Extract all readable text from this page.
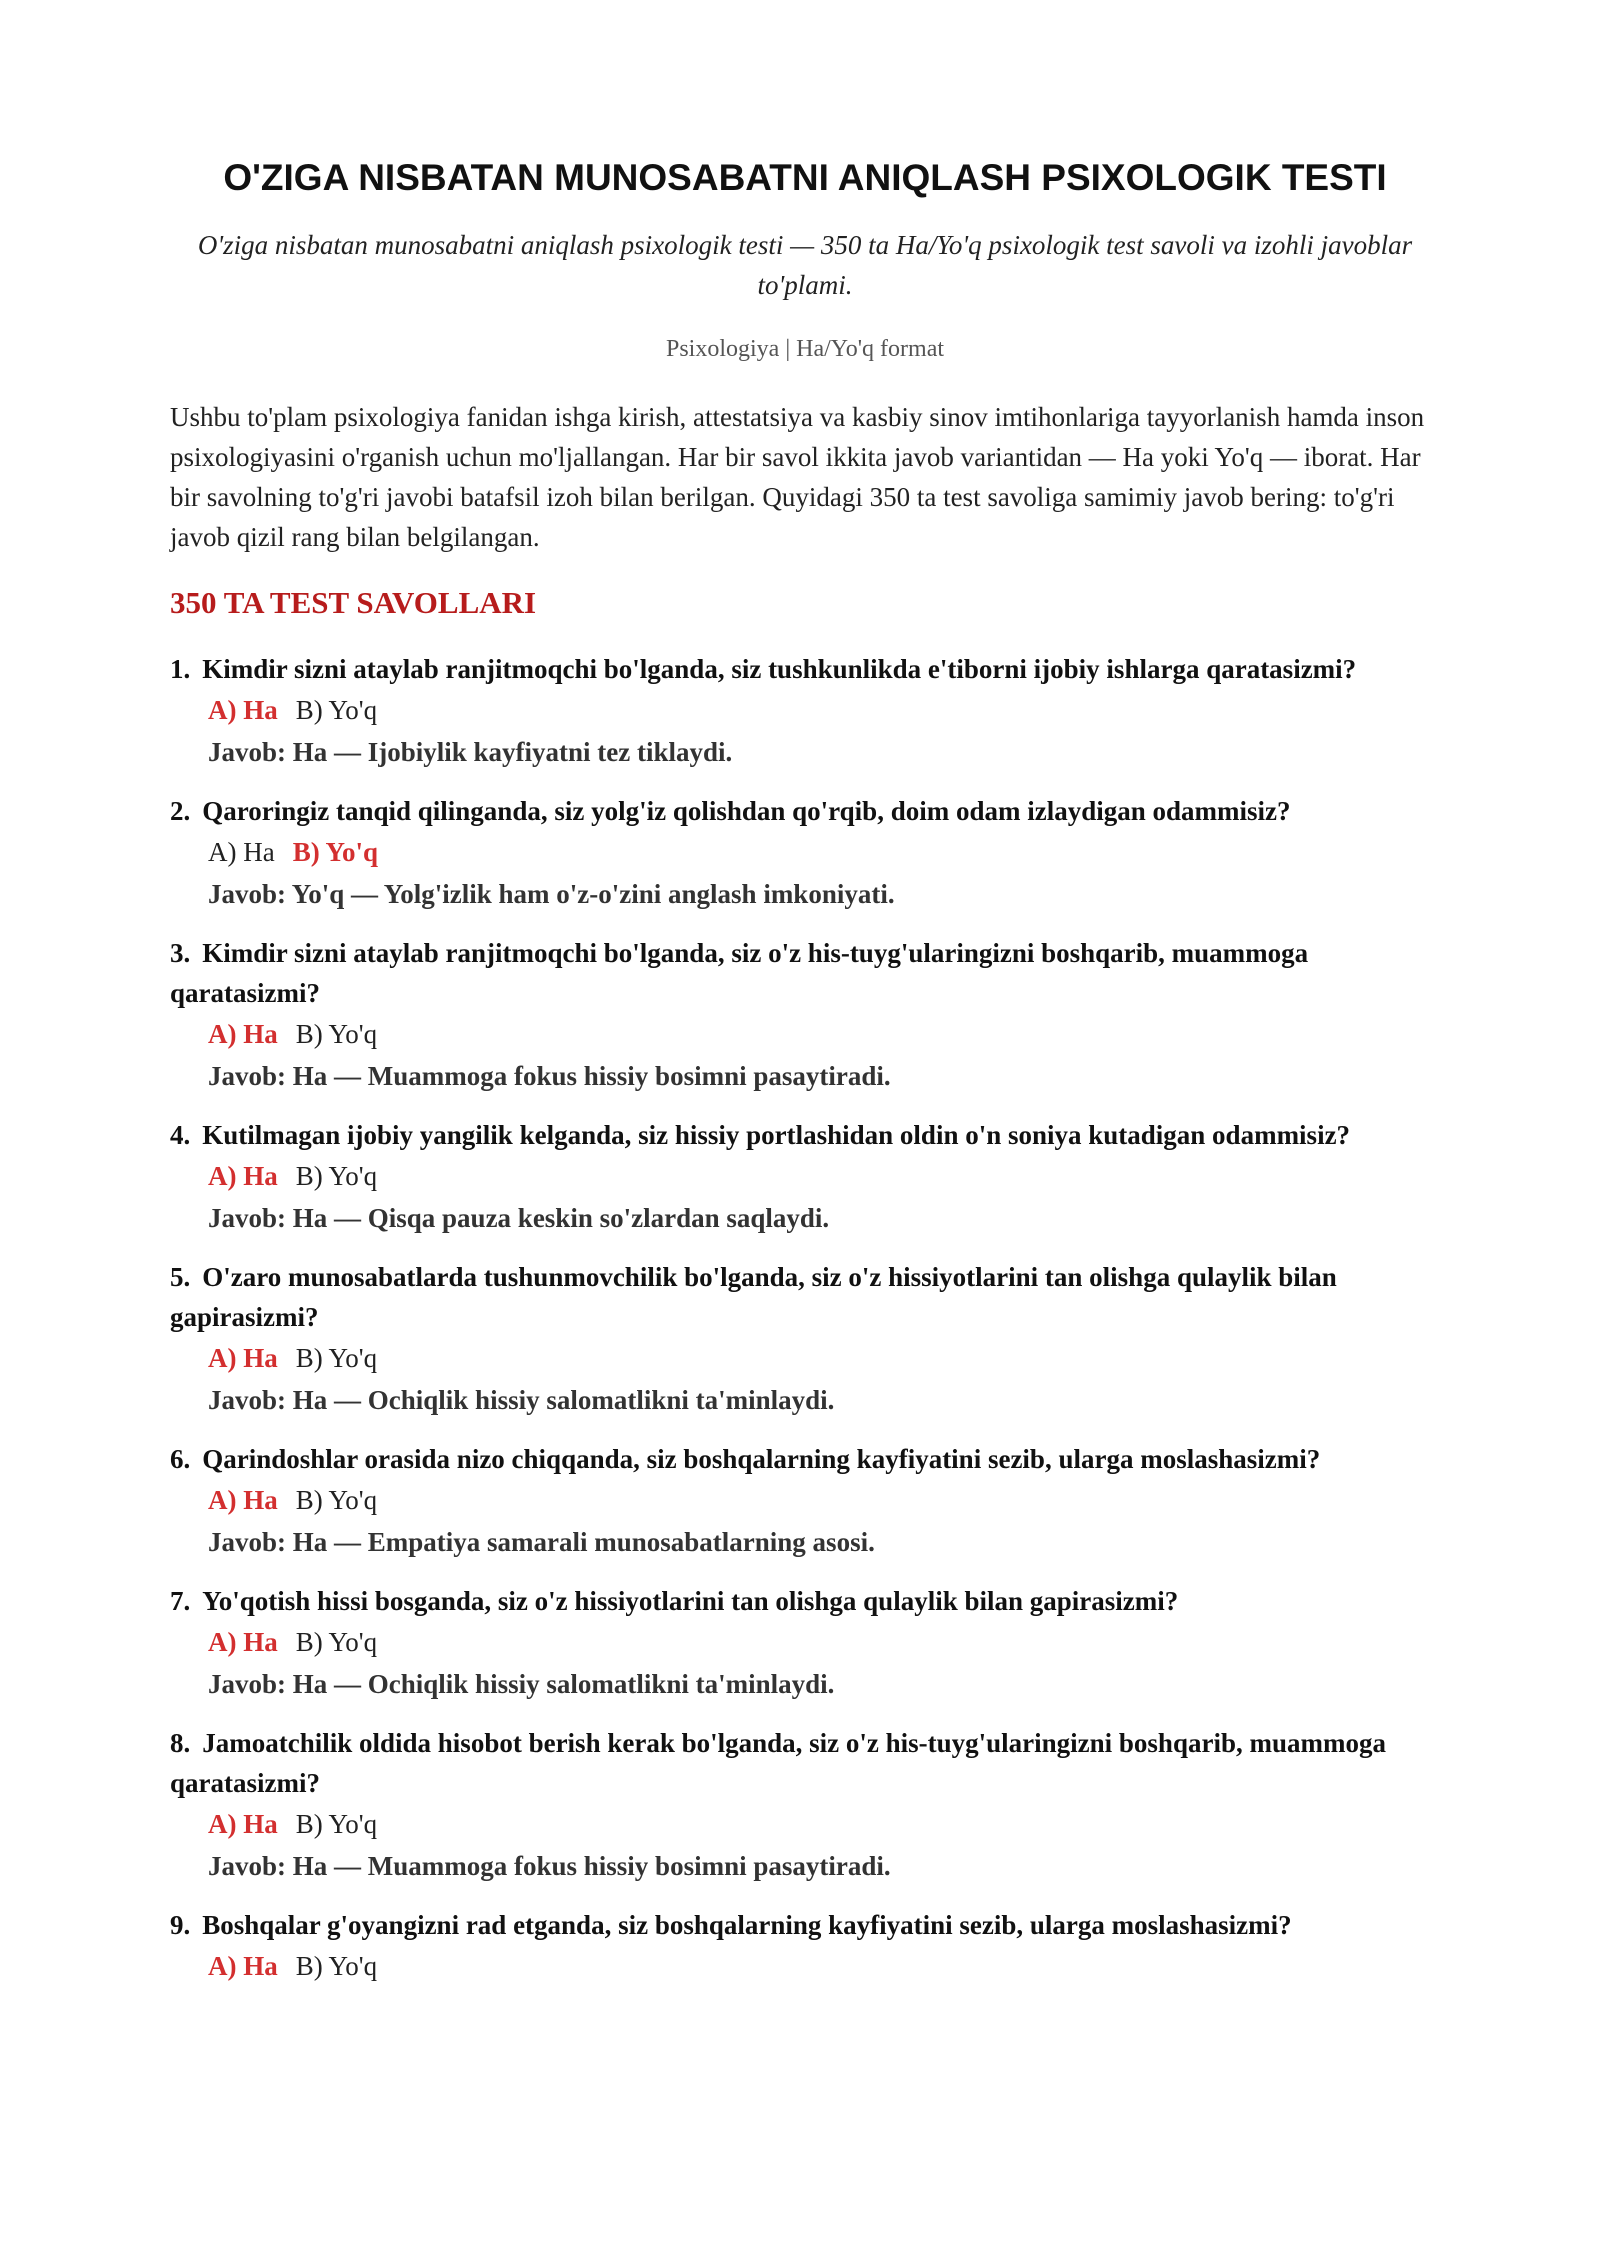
O'ZIGA NISBATAN MUNOSABATNI ANIQLASH PSIXOLOGIK TESTI

O'ziga nisbatan munosabatni aniqlash psixologik testi — 350 ta Ha/Yo'q psixologik test savoli va izohli javoblar to'plami.

Psixologiya | Ha/Yo'q format

Ushbu to'plam psixologiya fanidan ishga kirish, attestatsiya va kasbiy sinov imtihonlariga tayyorlanish hamda inson psixologiyasini o'rganish uchun mo'ljallangan. Har bir savol ikkita javob variantidan — Ha yoki Yo'q — iborat. Har bir savolning to'g'ri javobi batafsil izoh bilan berilgan. Quyidagi 350 ta test savoliga samimiy javob bering: to'g'ri javob qizil rang bilan belgilangan.

350 TA TEST SAVOLLARI
1. Kimdir sizni ataylab ranjitmoqchi bo'lganda, siz tushkunlikda e'tiborni ijobiy ishlarga qaratasizmi?
A) Ha B) Yo'q
Javob: Ha — Ijobiylik kayfiyatni tez tiklaydi.
2. Qaroringiz tanqid qilinganda, siz yolg'iz qolishdan qo'rqib, doim odam izlaydigan odammisiz?
A) Ha B) Yo'q
Javob: Yo'q — Yolg'izlik ham o'z-o'zini anglash imkoniyati.
3. Kimdir sizni ataylab ranjitmoqchi bo'lganda, siz o'z his-tuyg'ularingizni boshqarib, muammoga qaratasizmi?
A) Ha B) Yo'q
Javob: Ha — Muammoga fokus hissiy bosimni pasaytiradi.
4. Kutilmagan ijobiy yangilik kelganda, siz hissiy portlashidan oldin o'n soniya kutadigan odammisiz?
A) Ha B) Yo'q
Javob: Ha — Qisqa pauza keskin so'zlardan saqlaydi.
5. O'zaro munosabatlarda tushunmovchilik bo'lganda, siz o'z hissiyotlarini tan olishga qulaylik bilan gapirasizmi?
A) Ha B) Yo'q
Javob: Ha — Ochiqlik hissiy salomatlikni ta'minlaydi.
6. Qarindoshlar orasida nizo chiqqanda, siz boshqalarning kayfiyatini sezib, ularga moslashasizmi?
A) Ha B) Yo'q
Javob: Ha — Empatiya samarali munosabatlarning asosi.
7. Yo'qotish hissi bosganda, siz o'z hissiyotlarini tan olishga qulaylik bilan gapirasizmi?
A) Ha B) Yo'q
Javob: Ha — Ochiqlik hissiy salomatlikni ta'minlaydi.
8. Jamoatchilik oldida hisobot berish kerak bo'lganda, siz o'z his-tuyg'ularingizni boshqarib, muammoga qaratasizmi?
A) Ha B) Yo'q
Javob: Ha — Muammoga fokus hissiy bosimni pasaytiradi.
9. Boshqalar g'oyangizni rad etganda, siz boshqalarning kayfiyatini sezib, ularga moslashasizmi?
A) Ha B) Yo'q
